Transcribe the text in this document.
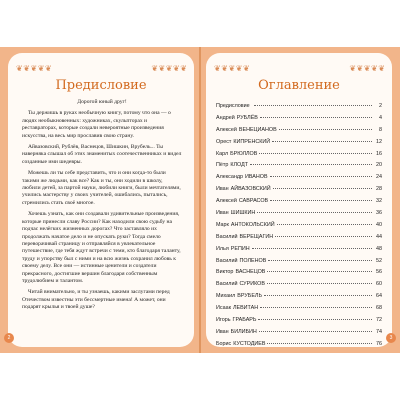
❦ ❦ ❦ ❦ ❦	❦ ❦ ❦ ❦ ❦
Предисловие

Дорогой юный друг!

Ты держишь в руках необычную книгу, потому что она — о людях необыкновенных: художниках, скульпторах и реставраторах, которые создали невероятные произведения искусства, на весь мир прославив свою страну.

Айвазовский, Рублёв, Васнецов, Шишкин, Врубель... Ты наверняка слышал об этих знаменитых соотечественниках и видел созданные ими шедевры.

Можешь ли ты себе представить, что и они когда-то были такими же людьми, как все? Как и ты, они ходили в школу, любили детей, за партой науки, любили книги, были мечтателями, учились мастерству у своих учителей, ошибались, пытались, стремились стать своё многое.

Хочешь узнать, как они создавали удивительные произведения, которые принесли славу России? Как находили свою судьбу на подчас нелёгких жизненных дорогах? Что заставляло их продолжать начатое дело и не опускать руки? Тогда смело переворачивай страницу и отправляйся в увлекательное путешествие, где тебя ждут встречи с теми, кто благодаря таланту, труду и упорству был с ними и на всю жизнь сохранил любовь к своему делу. Все они — истинные ценители и создатели прекрасного, достигшие вершин благодаря собственным трудолюбием и талантом.

Читай внимательно, и ты узнаешь, какими заслугами перед Отечеством известны эти бессмертные имена! А может, они подарят крылья и твоей душе?

2
❦ ❦ ❦ ❦ ❦	❦ ❦ ❦ ❦ ❦
Оглавление
Предисловие	2
Андрей РУБЛЁВ	4
Алексей ВЕНЕЦИАНОВ	8
Орест КИПРЕНСКИЙ	12
Карл БРЮЛЛОВ	16
Пётр КЛОДТ	20
Александр ИВАНОВ	24
Иван АЙВАЗОВСКИЙ	28
Алексей САВРАСОВ	32
Иван ШИШКИН	36
Марк АНТОКОЛЬСКИЙ	40
Василий ВЕРЕЩАГИН	44
Илья РЕПИН	48
Василий ПОЛЕНОВ	52
Виктор ВАСНЕЦОВ	56
Василий СУРИКОВ	60
Михаил ВРУБЕЛЬ	64
Исаак ЛЕВИТАН	68
Игорь ГРАБАРЬ	72
Иван БИЛИБИН	74
Борис КУСТОДИЕВ	76
3
